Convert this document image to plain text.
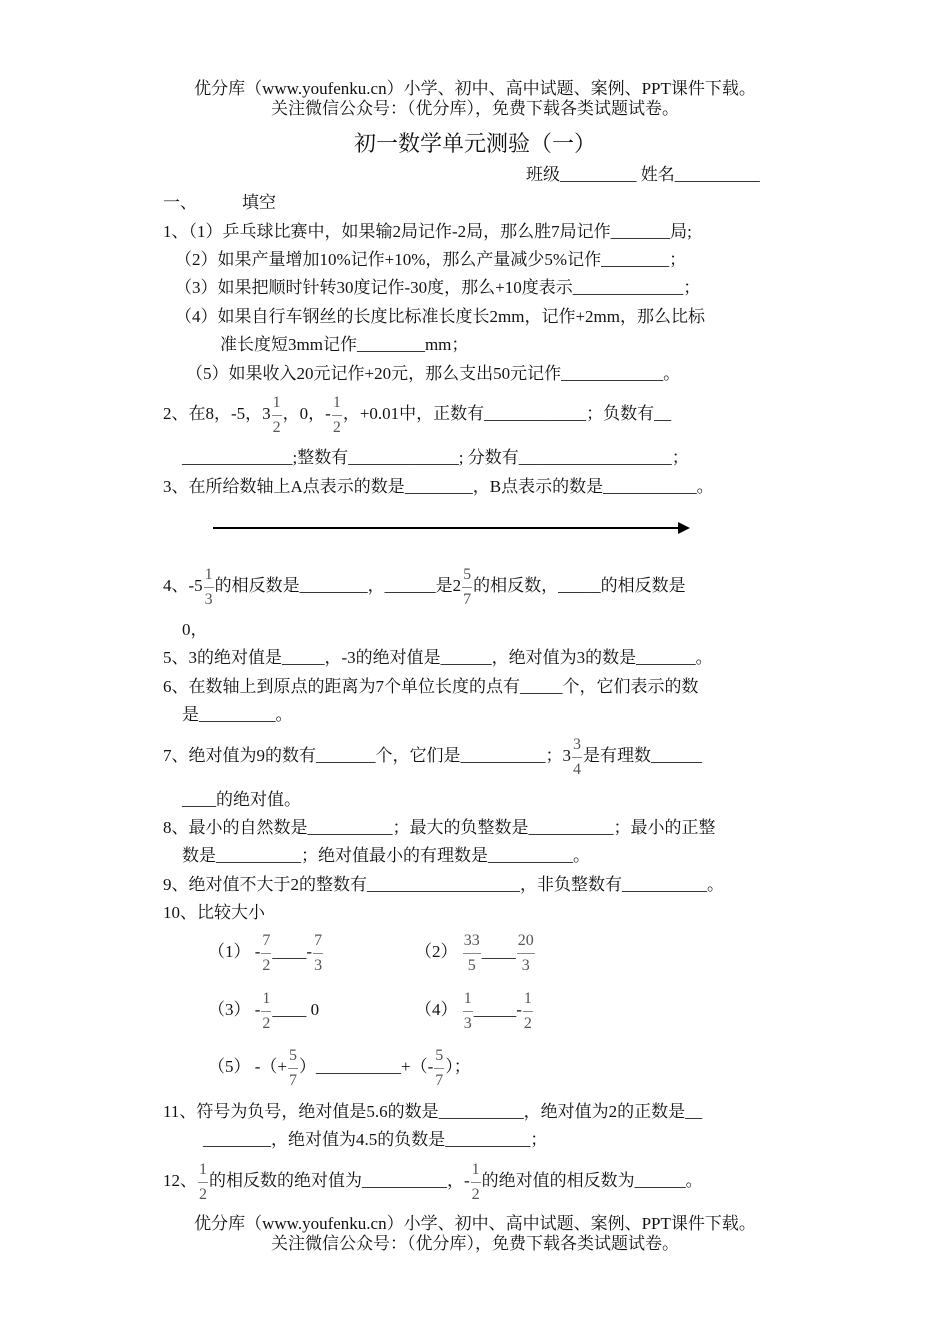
优分库（www.youfenku.cn）小学、初中、高中试题、案例、PPT课件下载。
关注微信公众号：（优分库），免费下载各类试题试卷。
初一数学单元测验（一）
班级_________ 姓名__________
一、	填空
1、（1）乒乓球比赛中，如果输2局记作-2局，那么胜7局记作_______局;
（2）如果产量增加10%记作+10%，那么产量减少5%记作________；
（3）如果把顺时针转30度记作-30度，那么+10度表示_____________；
（4）如果自行车钢丝的长度比标准长度长2mm，记作+2mm，那么比标
准长度短3mm记作________mm；
（5）如果收入20元记作+20元，那么支出50元记作____________。
2、在8，-5，$3 \frac{1}{2}$ ，0，- $\frac{1}{2}$ ，+0.01中，正数有____________；负数有__
_____________;整数有_____________; 分数有__________________；
3、在所给数轴上A点表示的数是________，B点表示的数是___________。
4、$-5 \frac{1}{3}$ 的相反数是________，______是$2 \frac{5}{7}$ 的相反数，_____的相反数是
0，
5、3的绝对值是_____，-3的绝对值是______，绝对值为3的数是_______。
6、在数轴上到原点的距离为7个单位长度的点有_____个，它们表示的数
是_________。
7、绝对值为9的数有_______个，它们是__________；$3 \frac{3}{4}$ 是有理数______
____的绝对值。
8、最小的自然数是__________；最大的负整数是__________；最小的正整
数是__________；绝对值最小的有理数是__________。
9、绝对值不大于2的整数有__________________，非负整数有__________。
10、比较大小
$(1) - \frac{7}{2}$ ____- $\frac{7}{3}$	$(2) \frac{33}{5}$ ____ $\frac{20}{3}$
$(3) - \frac{1}{2}$ ____ 0	$(4) \frac{1}{3}$ _____- $\frac{1}{2}$
（5） -（+ $\frac{5}{7}$ ）__________+（- $\frac{5}{7}$ ）；
11、符号为负号，绝对值是5.6的数是__________，绝对值为2的正数是__
________，绝对值为4.5的负数是__________；
12、 $\frac{1}{2}$ 的相反数的绝对值为__________，- $\frac{1}{2}$ 的绝对值的相反数为______。
优分库（www.youfenku.cn）小学、初中、高中试题、案例、PPT课件下载。
关注微信公众号：（优分库），免费下载各类试题试卷。
